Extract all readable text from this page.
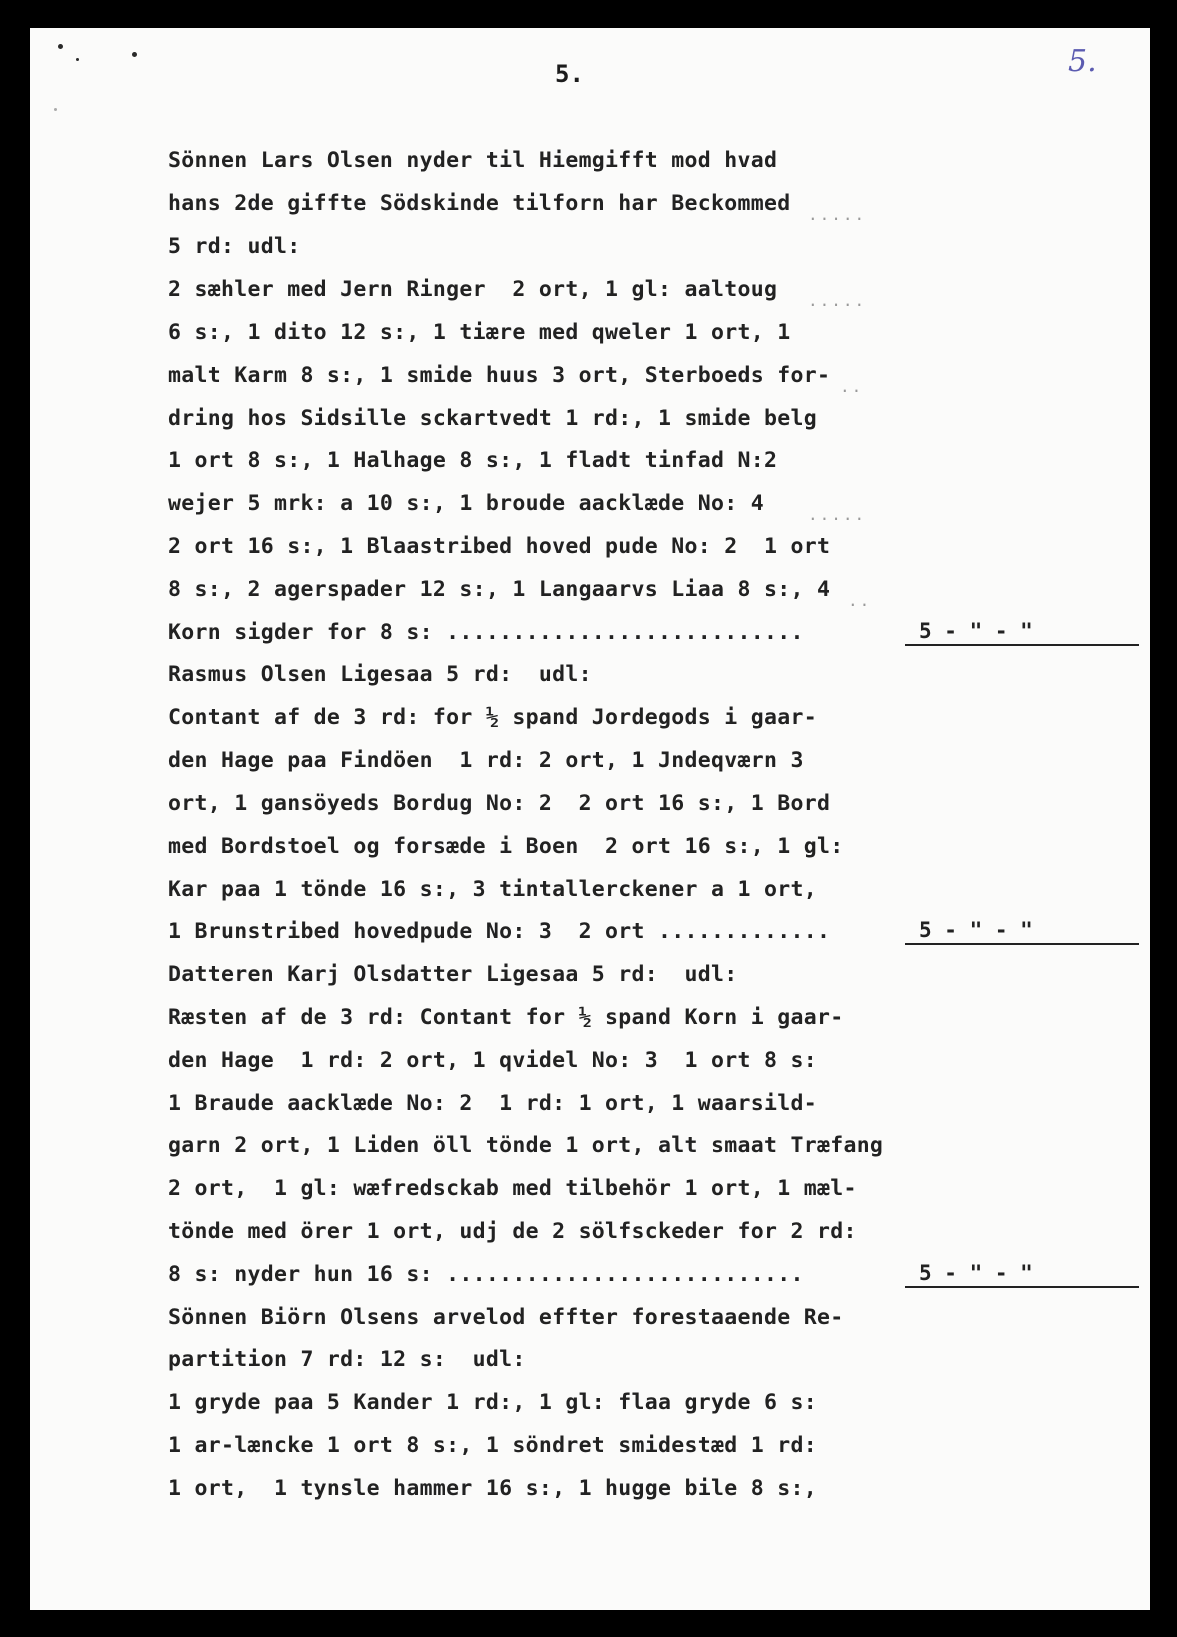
5.	5.
Sönnen Lars Olsen nyder til Hiemgifft mod hvad
hans 2de giffte Södskinde tilforn har Beckommed
5 rd: udl:
2 sæhler med Jern Ringer  2 ort, 1 gl: aaltoug
6 s:, 1 dito 12 s:, 1 tiære med qweler 1 ort, 1
malt Karm 8 s:, 1 smide huus 3 ort, Sterboeds for-
dring hos Sidsille sckartvedt 1 rd:, 1 smide belg
1 ort 8 s:, 1 Halhage 8 s:, 1 fladt tinfad N:2
wejer 5 mrk: a 10 s:, 1 broude aacklæde No: 4
2 ort 16 s:, 1 Blaastribed hoved pude No: 2  1 ort
8 s:, 2 agerspader 12 s:, 1 Langaarvs Liaa 8 s:, 4
Korn sigder for 8 s: ...........................
Rasmus Olsen Ligesaa 5 rd:  udl:
Contant af de 3 rd: for ½ spand Jordegods i gaar-
den Hage paa Findöen  1 rd: 2 ort, 1 Jndeqværn 3
ort, 1 gansöyeds Bordug No: 2  2 ort 16 s:, 1 Bord
med Bordstoel og forsæde i Boen  2 ort 16 s:, 1 gl:
Kar paa 1 tönde 16 s:, 3 tintallerckener a 1 ort,
1 Brunstribed hovedpude No: 3  2 ort .............
Datteren Karj Olsdatter Ligesaa 5 rd:  udl:
Ræsten af de 3 rd: Contant for ½ spand Korn i gaar-
den Hage  1 rd: 2 ort, 1 qvidel No: 3  1 ort 8 s:
1 Braude aacklæde No: 2  1 rd: 1 ort, 1 waarsild-
garn 2 ort, 1 Liden öll tönde 1 ort, alt smaat Træfang
2 ort,  1 gl: wæfredsckab med tilbehör 1 ort, 1 mæl-
tönde med örer 1 ort, udj de 2 sölfsckeder for 2 rd:
8 s: nyder hun 16 s: ...........................
Sönnen Biörn Olsens arvelod effter forestaaende Re-
partition 7 rd: 12 s:  udl:
1 gryde paa 5 Kander 1 rd:, 1 gl: flaa gryde 6 s:
1 ar-læncke 1 ort 8 s:, 1 söndret smidestæd 1 rd:
1 ort,  1 tynsle hammer 16 s:, 1 hugge bile 8 s:,
.....
.....
..
.....
..
5 - " - "
5 - " - "
5 - " - "
